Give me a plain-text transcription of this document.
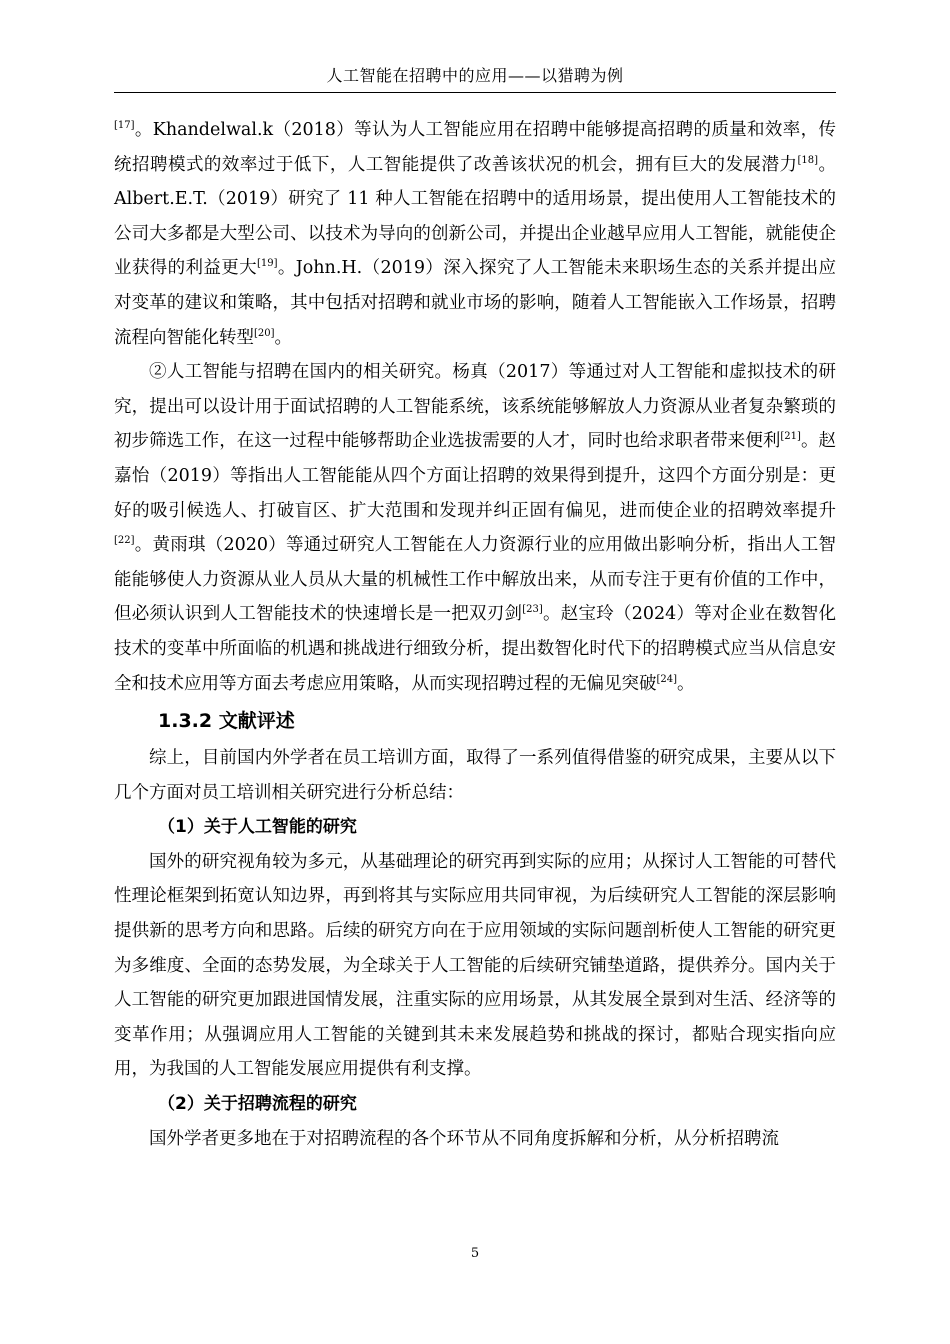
人工智能在招聘中的应用——以猎聘为例

[17]。Khandelwal.k（2018）等认为人工智能应用在招聘中能够提高招聘的质量和效率，传统招聘模式的效率过于低下，人工智能提供了改善该状况的机会，拥有巨大的发展潜力[18]。Albert.E.T.（2019）研究了 11 种人工智能在招聘中的适用场景，提出使用人工智能技术的公司大多都是大型公司、以技术为导向的创新公司，并提出企业越早应用人工智能，就能使企业获得的利益更大[19]。John.H.（2019）深入探究了人工智能未来职场生态的关系并提出应对变革的建议和策略，其中包括对招聘和就业市场的影响，随着人工智能嵌入工作场景，招聘流程向智能化转型[20]。

②人工智能与招聘在国内的相关研究。杨真（2017）等通过对人工智能和虚拟技术的研究，提出可以设计用于面试招聘的人工智能系统，该系统能够解放人力资源从业者复杂繁琐的初步筛选工作，在这一过程中能够帮助企业选拔需要的人才，同时也给求职者带来便利[21]。赵嘉怡（2019）等指出人工智能能从四个方面让招聘的效果得到提升，这四个方面分别是：更好的吸引候选人、打破盲区、扩大范围和发现并纠正固有偏见，进而使企业的招聘效率提升[22]。黄雨琪（2020）等通过研究人工智能在人力资源行业的应用做出影响分析，指出人工智能能够使人力资源从业人员从大量的机械性工作中解放出来，从而专注于更有价值的工作中，但必须认识到人工智能技术的快速增长是一把双刃剑[23]。赵宝玲（2024）等对企业在数智化技术的变革中所面临的机遇和挑战进行细致分析，提出数智化时代下的招聘模式应当从信息安全和技术应用等方面去考虑应用策略，从而实现招聘过程的无偏见突破[24]。

1.3.2 文献评述

综上，目前国内外学者在员工培训方面，取得了一系列值得借鉴的研究成果，主要从以下几个方面对员工培训相关研究进行分析总结：

（1）关于人工智能的研究

国外的研究视角较为多元，从基础理论的研究再到实际的应用；从探讨人工智能的可替代性理论框架到拓宽认知边界，再到将其与实际应用共同审视，为后续研究人工智能的深层影响提供新的思考方向和思路。后续的研究方向在于应用领域的实际问题剖析使人工智能的研究更为多维度、全面的态势发展，为全球关于人工智能的后续研究铺垫道路，提供养分。国内关于人工智能的研究更加跟进国情发展，注重实际的应用场景，从其发展全景到对生活、经济等的变革作用；从强调应用人工智能的关键到其未来发展趋势和挑战的探讨，都贴合现实指向应用，为我国的人工智能发展应用提供有利支撑。

（2）关于招聘流程的研究

国外学者更多地在于对招聘流程的各个环节从不同角度拆解和分析，从分析招聘流

5
